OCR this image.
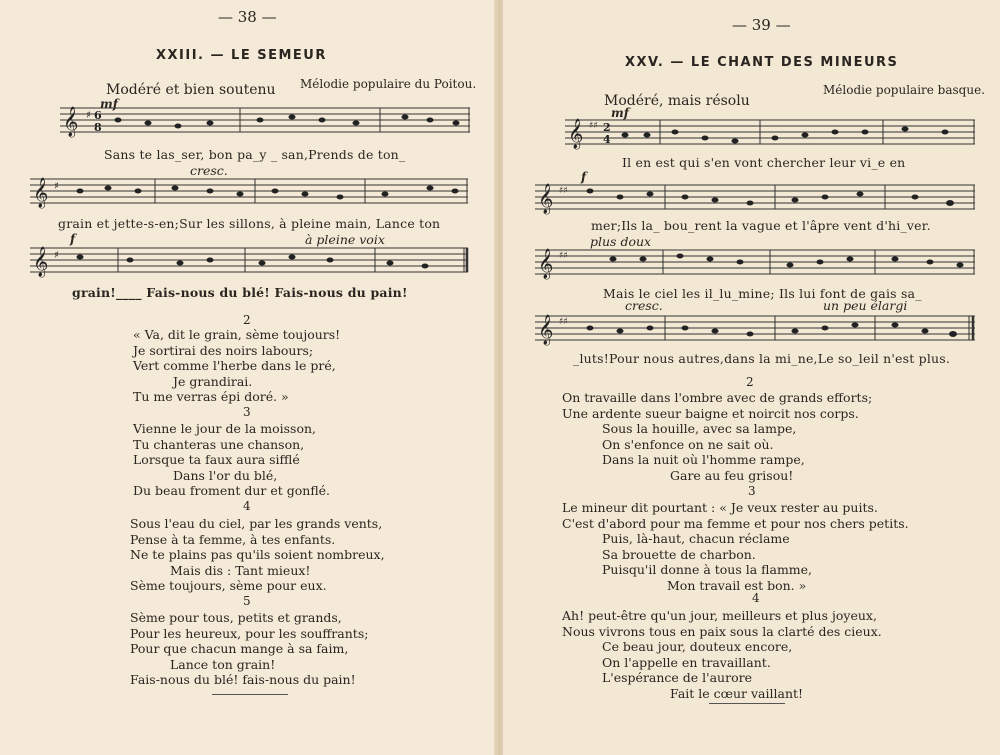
— 38 —
XXIII. — LE SEMEUR
Mélodie populaire du Poitou.
Modéré et bien soutenu
mf
𝄞 ♯ 6
8
Sans te las_ser, bon pa_y _ san,Prends de ton_
cresc.
𝄞 ♯
grain et jette-s-en;Sur les sillons, à pleine main, Lance ton
f	à pleine voix
𝄞 ♯
grain!____ Fais-nous du blé! Fais-nous du pain!
2
« Va, dit le grain, sème toujours!
Je sortirai des noirs labours;
Vert comme l'herbe dans le pré,
Je grandirai.
Tu me verras épi doré. »
3
Vienne le jour de la moisson,
Tu chanteras une chanson,
Lorsque ta faux aura sifflé
Dans l'or du blé,
Du beau froment dur et gonflé.
4
Sous l'eau du ciel, par les grands vents,
Pense à ta femme, à tes enfants.
Ne te plains pas qu'ils soient nombreux,
Mais dis : Tant mieux!
Sème toujours, sème pour eux.
5
Sème pour tous, petits et grands,
Pour les heureux, pour les souffrants;
Pour que chacun mange à sa faim,
Lance ton grain!
Fais-nous du blé! fais-nous du pain!
— 39 —
XXV. — LE CHANT DES MINEURS
Mélodie populaire basque.
Modéré, mais résolu
mf
𝄞 ♯♯ 2
4
Il en est qui s'en vont chercher leur vi_e en
f
𝄞 ♯♯
mer;Ils la_ bou_rent la vague et l'âpre vent d'hi_ver.
plus doux
𝄞 ♯♯
Mais le ciel les il_lu_mine; Ils lui font de gais sa_
cresc.	un peu élargi
𝄞 ♯♯
_luts!Pour nous autres,dans la mi_ne,Le so_leil n'est plus.
2
On travaille dans l'ombre avec de grands efforts;
Une ardente sueur baigne et noircit nos corps.
Sous la houille, avec sa lampe,
On s'enfonce on ne sait où.
Dans la nuit où l'homme rampe,
Gare au feu grisou!
3
Le mineur dit pourtant : « Je veux rester au puits.
C'est d'abord pour ma femme et pour nos chers petits.
Puis, là-haut, chacun réclame
Sa brouette de charbon.
Puisqu'il donne à tous la flamme,
Mon travail est bon. »
4
Ah! peut-être qu'un jour, meilleurs et plus joyeux,
Nous vivrons tous en paix sous la clarté des cieux.
Ce beau jour, douteux encore,
On l'appelle en travaillant.
L'espérance de l'aurore
Fait le cœur vaillant!
